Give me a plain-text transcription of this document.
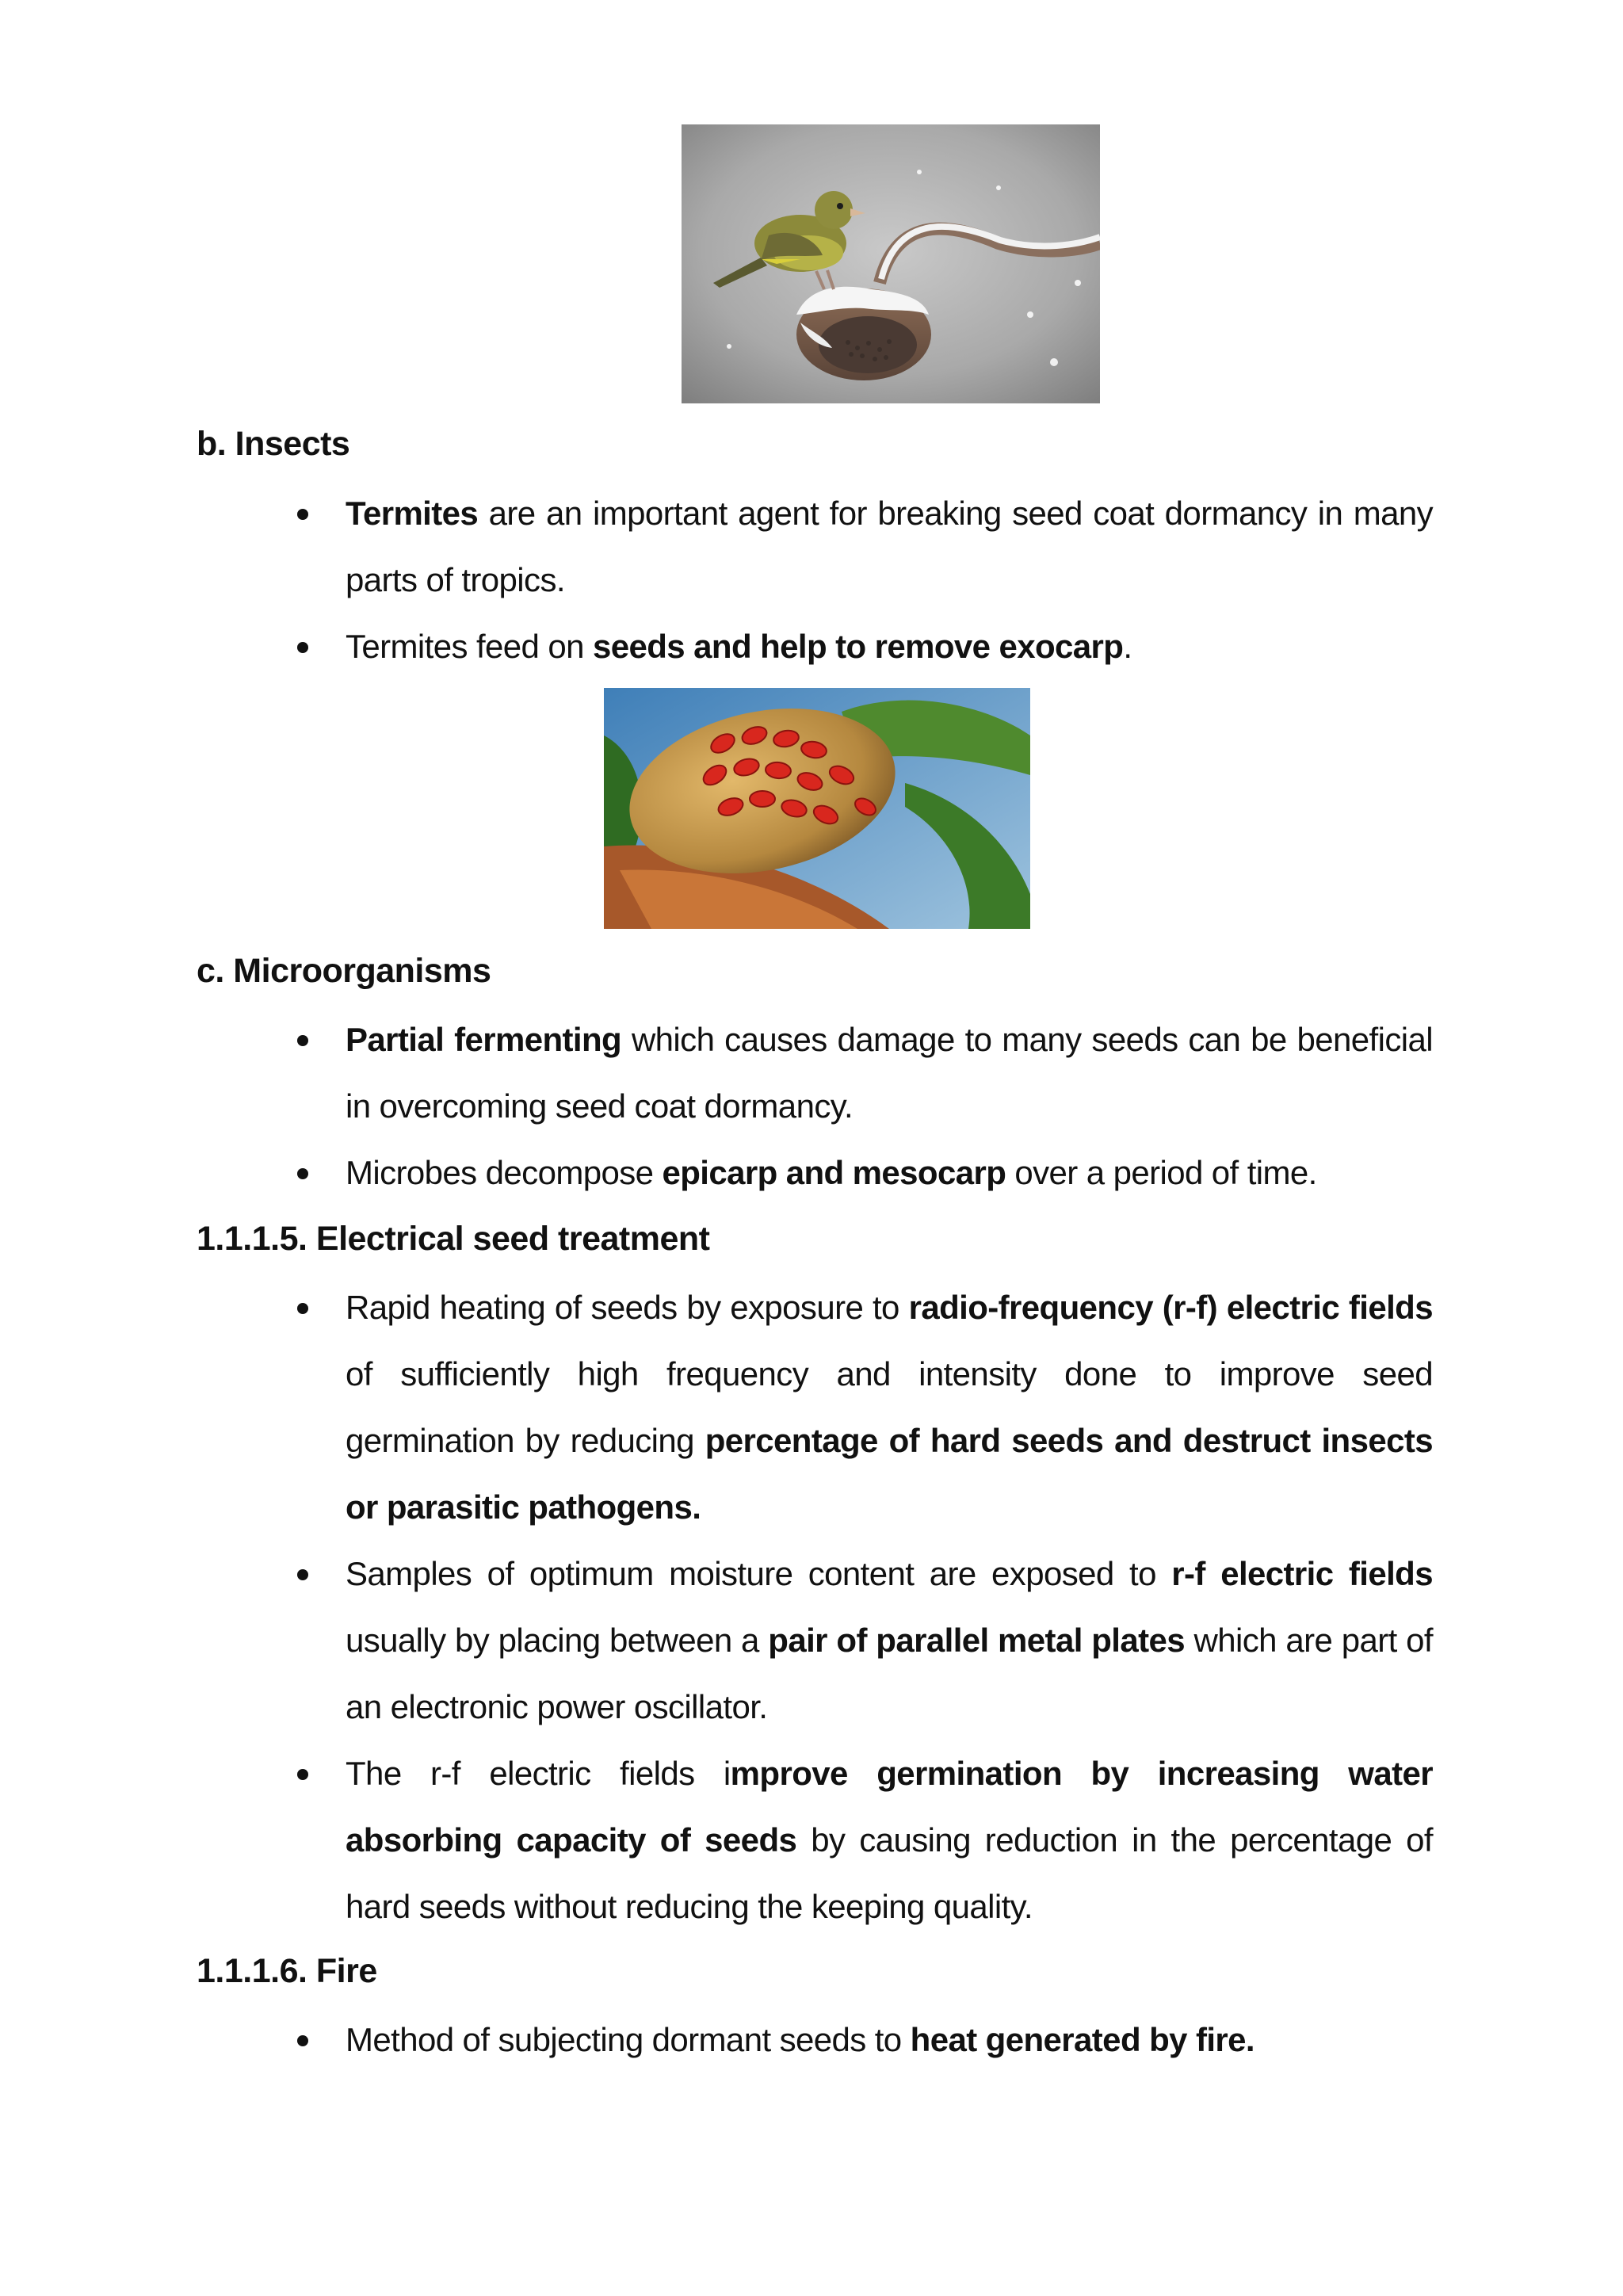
b. Insects
Termites are an important agent for breaking seed coat dormancy in many parts of tropics.
Termites feed on seeds and help to remove exocarp.
c. Microorganisms
Partial fermenting which causes damage to many seeds can be beneficial in overcoming seed coat dormancy.
Microbes decompose epicarp and mesocarp over a period of time.
1.1.1.5. Electrical seed treatment
Rapid heating of seeds by exposure to radio-frequency (r-f) electric fields of sufficiently high frequency and intensity done to improve seed germination by reducing percentage of hard seeds and destruct insects or parasitic pathogens.
Samples of optimum moisture content are exposed to r-f electric fields usually by placing between a pair of parallel metal plates which are part of an electronic power oscillator.
The r-f electric fields improve germination by increasing water absorbing capacity of seeds by causing reduction in the percentage of hard seeds without reducing the keeping quality.
1.1.1.6. Fire
Method of subjecting dormant seeds to heat generated by fire.
